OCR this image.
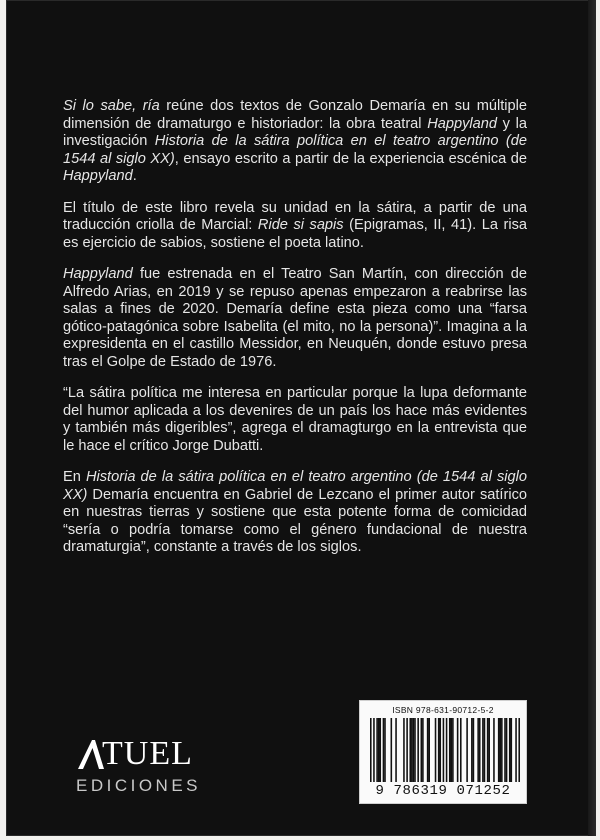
Si lo sabe, ría reúne dos textos de Gonzalo Demaría en su múltiple dimensión de dramaturgo e historiador: la obra teatral Happyland y la investigación Historia de la sátira política en el teatro argentino (de 1544 al siglo XX), ensayo escrito a partir de la experiencia escénica de Happyland.

El título de este libro revela su unidad en la sátira, a partir de una traducción criolla de Marcial: Ride si sapis (Epigramas, II, 41). La risa es ejercicio de sabios, sostiene el poeta latino.

Happyland fue estrenada en el Teatro San Martín, con dirección de Alfredo Arias, en 2019 y se repuso apenas empezaron a reabrirse las salas a fines de 2020. Demaría define esta pieza como una “farsa gótico-patagónica sobre Isabelita (el mito, no la persona)”. Imagina a la expresidenta en el castillo Messidor, en Neuquén, donde estuvo presa tras el Golpe de Estado de 1976.

“La sátira política me interesa en particular porque la lupa deformante del humor aplicada a los devenires de un país los hace más evidentes y también más digeribles”, agrega el dramagturgo en la entrevista que le hace el crítico Jorge Dubatti.

En Historia de la sátira política en el teatro argentino (de 1544 al siglo XX) Demaría encuentra en Gabriel de Lezcano el primer autor satírico en nuestras tierras y sostiene que esta potente forma de comicidad “sería o podría tomarse como el género fundacional de nuestra dramaturgia”, constante a través de los siglos.

TUEL
EDICIONES
ISBN 978-631-90712-5-2
9 786319 071252
